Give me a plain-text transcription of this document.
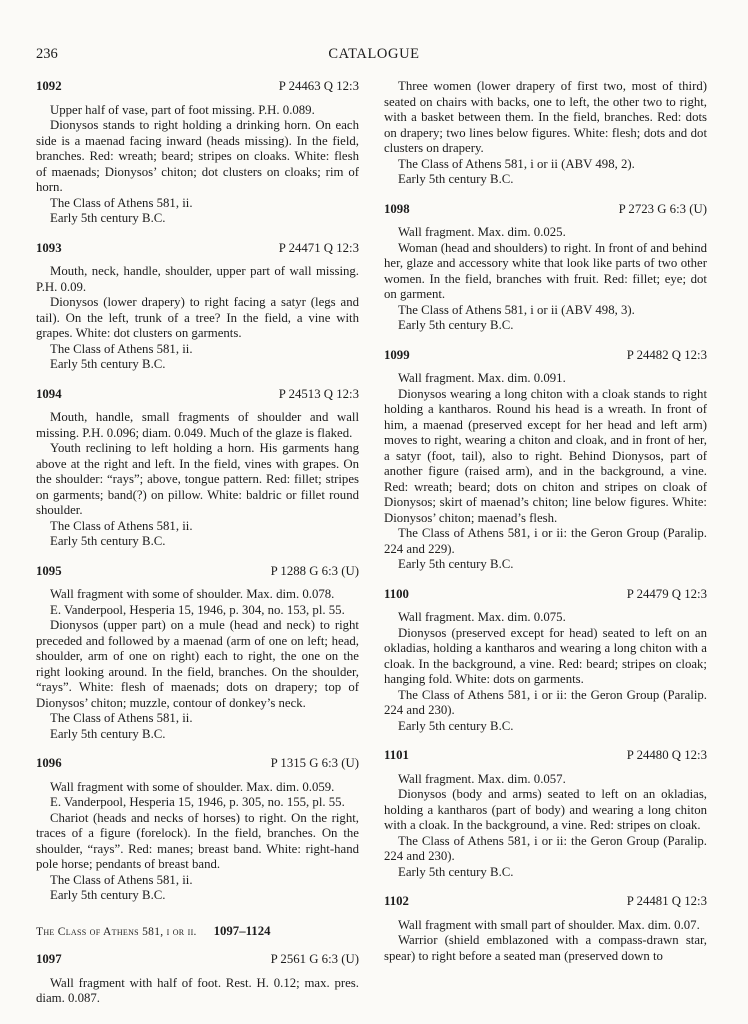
236	CATALOGUE
1092	P 24463 Q 12:3

Upper half of vase, part of foot missing. P.H. 0.089.

Dionysos stands to right holding a drinking horn. On each side is a maenad facing inward (heads missing). In the field, branches. Red: wreath; beard; stripes on cloaks. White: flesh of maenads; Dionysos’ chiton; dot clusters on cloaks; rim of horn.

The Class of Athens 581, ii.

Early 5th century B.C.

1093	P 24471 Q 12:3

Mouth, neck, handle, shoulder, upper part of wall missing. P.H. 0.09.

Dionysos (lower drapery) to right facing a satyr (legs and tail). On the left, trunk of a tree? In the field, a vine with grapes. White: dot clusters on garments.

The Class of Athens 581, ii.

Early 5th century B.C.

1094	P 24513 Q 12:3

Mouth, handle, small fragments of shoulder and wall missing. P.H. 0.096; diam. 0.049. Much of the glaze is flaked.

Youth reclining to left holding a horn. His garments hang above at the right and left. In the field, vines with grapes. On the shoulder: “rays”; above, tongue pattern. Red: fillet; stripes on garments; band(?) on pillow. White: baldric or fillet round shoulder.

The Class of Athens 581, ii.

Early 5th century B.C.

1095	P 1288 G 6:3 (U)

Wall fragment with some of shoulder. Max. dim. 0.078.

E. Vanderpool, Hesperia 15, 1946, p. 304, no. 153, pl. 55.

Dionysos (upper part) on a mule (head and neck) to right preceded and followed by a maenad (arm of one on left; head, shoulder, arm of one on right) each to right, the one on the right looking around. In the field, branches. On the shoulder, “rays”. White: flesh of maenads; dots on drapery; top of Dionysos’ chiton; muzzle, contour of donkey’s neck.

The Class of Athens 581, ii.

Early 5th century B.C.

1096	P 1315 G 6:3 (U)

Wall fragment with some of shoulder. Max. dim. 0.059.

E. Vanderpool, Hesperia 15, 1946, p. 305, no. 155, pl. 55.

Chariot (heads and necks of horses) to right. On the right, traces of a figure (forelock). In the field, branches. On the shoulder, “rays”. Red: manes; breast band. White: right-hand pole horse; pendants of breast band.

The Class of Athens 581, ii.

Early 5th century B.C.

The Class of Athens 581, i or ii. 1097–1124
1097	P 2561 G 6:3 (U)

Wall fragment with half of foot. Rest. H. 0.12; max. pres. diam. 0.087.

Three women (lower drapery of first two, most of third) seated on chairs with backs, one to left, the other two to right, with a basket between them. In the field, branches. Red: dots on drapery; two lines below figures. White: flesh; dots and dot clusters on drapery.

The Class of Athens 581, i or ii (ABV 498, 2).

Early 5th century B.C.

1098	P 2723 G 6:3 (U)

Wall fragment. Max. dim. 0.025.

Woman (head and shoulders) to right. In front of and behind her, glaze and accessory white that look like parts of two other women. In the field, branches with fruit. Red: fillet; eye; dot on garment.

The Class of Athens 581, i or ii (ABV 498, 3).

Early 5th century B.C.

1099	P 24482 Q 12:3

Wall fragment. Max. dim. 0.091.

Dionysos wearing a long chiton with a cloak stands to right holding a kantharos. Round his head is a wreath. In front of him, a maenad (preserved except for her head and left arm) moves to right, wearing a chiton and cloak, and in front of her, a satyr (foot, tail), also to right. Behind Dionysos, part of another figure (raised arm), and in the background, a vine. Red: wreath; beard; dots on chiton and stripes on cloak of Dionysos; skirt of maenad’s chiton; line below figures. White: Dionysos’ chiton; maenad’s flesh.

The Class of Athens 581, i or ii: the Geron Group (Paralip. 224 and 229).

Early 5th century B.C.

1100	P 24479 Q 12:3

Wall fragment. Max. dim. 0.075.

Dionysos (preserved except for head) seated to left on an okladias, holding a kantharos and wearing a long chiton with a cloak. In the background, a vine. Red: beard; stripes on cloak; hanging fold. White: dots on garments.

The Class of Athens 581, i or ii: the Geron Group (Paralip. 224 and 230).

Early 5th century B.C.

1101	P 24480 Q 12:3

Wall fragment. Max. dim. 0.057.

Dionysos (body and arms) seated to left on an okladias, holding a kantharos (part of body) and wearing a long chiton with a cloak. In the background, a vine. Red: stripes on cloak.

The Class of Athens 581, i or ii: the Geron Group (Paralip. 224 and 230).

Early 5th century B.C.

1102	P 24481 Q 12:3

Wall fragment with small part of shoulder. Max. dim. 0.07.

Warrior (shield emblazoned with a compass-drawn star, spear) to right before a seated man (preserved down to
